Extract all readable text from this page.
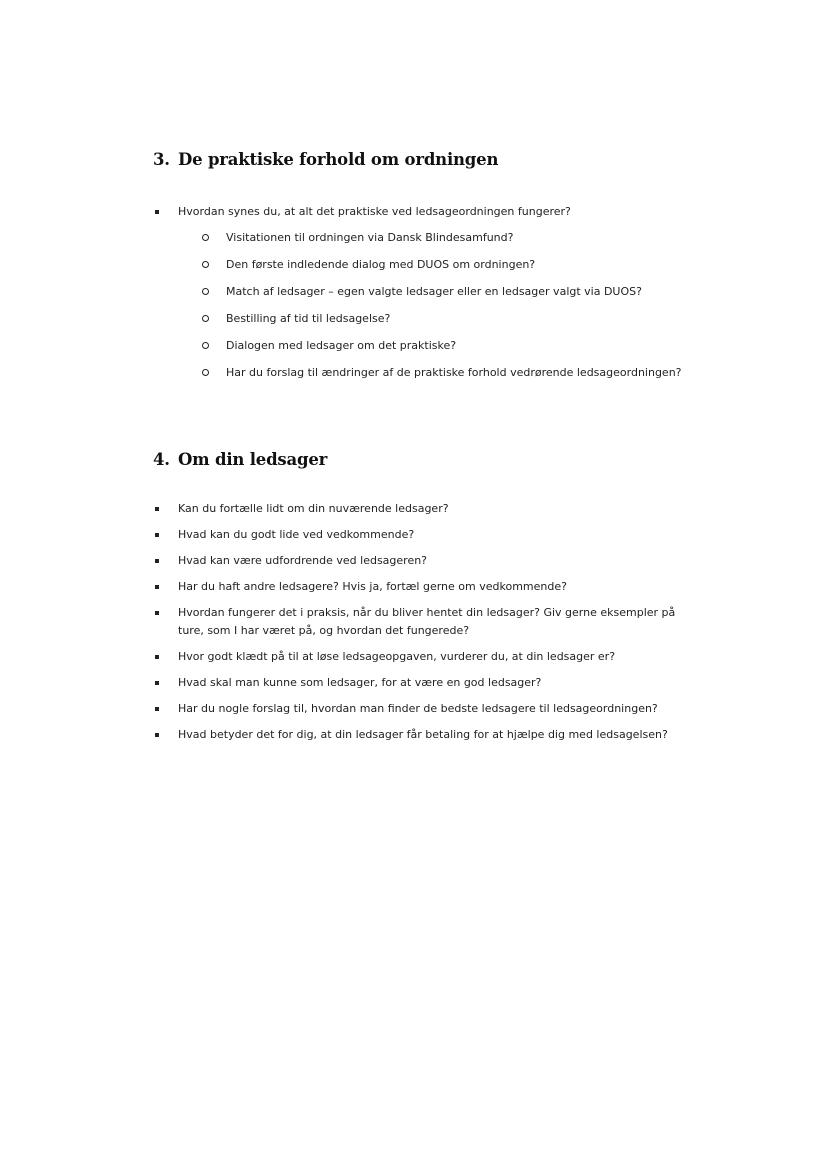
3. De praktiske forhold om ordningen
Hvordan synes du, at alt det praktiske ved ledsageordningen fungerer?
Visitationen til ordningen via Dansk Blindesamfund?
Den første indledende dialog med DUOS om ordningen?
Match af ledsager – egen valgte ledsager eller en ledsager valgt via DUOS?
Bestilling af tid til ledsagelse?
Dialogen med ledsager om det praktiske?
Har du forslag til ændringer af de praktiske forhold vedrørende ledsageordningen?
4. Om din ledsager
Kan du fortælle lidt om din nuværende ledsager?
Hvad kan du godt lide ved vedkommende?
Hvad kan være udfordrende ved ledsageren?
Har du haft andre ledsagere? Hvis ja, fortæl gerne om vedkommende?
Hvordan fungerer det i praksis, når du bliver hentet din ledsager? Giv gerne eksempler på ture, som I har været på, og hvordan det fungerede?
Hvor godt klædt på til at løse ledsageopgaven, vurderer du, at din ledsager er?
Hvad skal man kunne som ledsager, for at være en god ledsager?
Har du nogle forslag til, hvordan man finder de bedste ledsagere til ledsageordningen?
Hvad betyder det for dig, at din ledsager får betaling for at hjælpe dig med ledsagelsen?
